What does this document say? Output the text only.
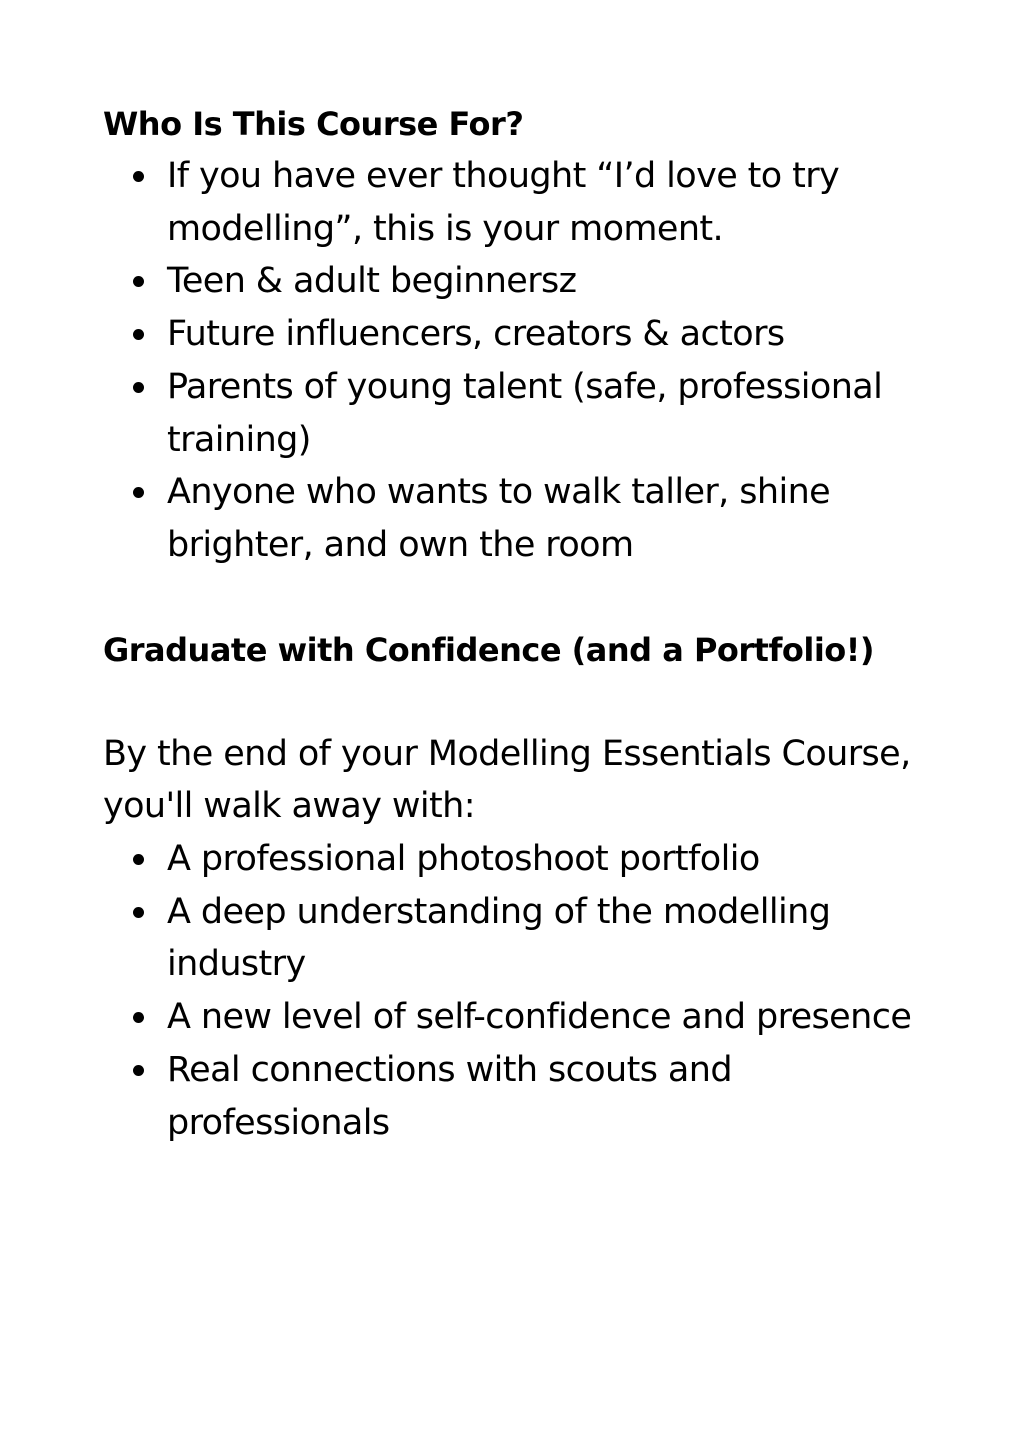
Who Is This Course For?
If you have ever thought “I’d love to try modelling”, this is your moment.
Teen & adult beginnersz
Future influencers, creators & actors
Parents of young talent (safe, professional training)
Anyone who wants to walk taller, shine brighter, and own the room
Graduate with Confidence (and a Portfolio!)

By the end of your Modelling Essentials Course, you'll walk away with:

A professional photoshoot portfolio
A deep understanding of the modelling industry
A new level of self-confidence and presence
Real connections with scouts and professionals
